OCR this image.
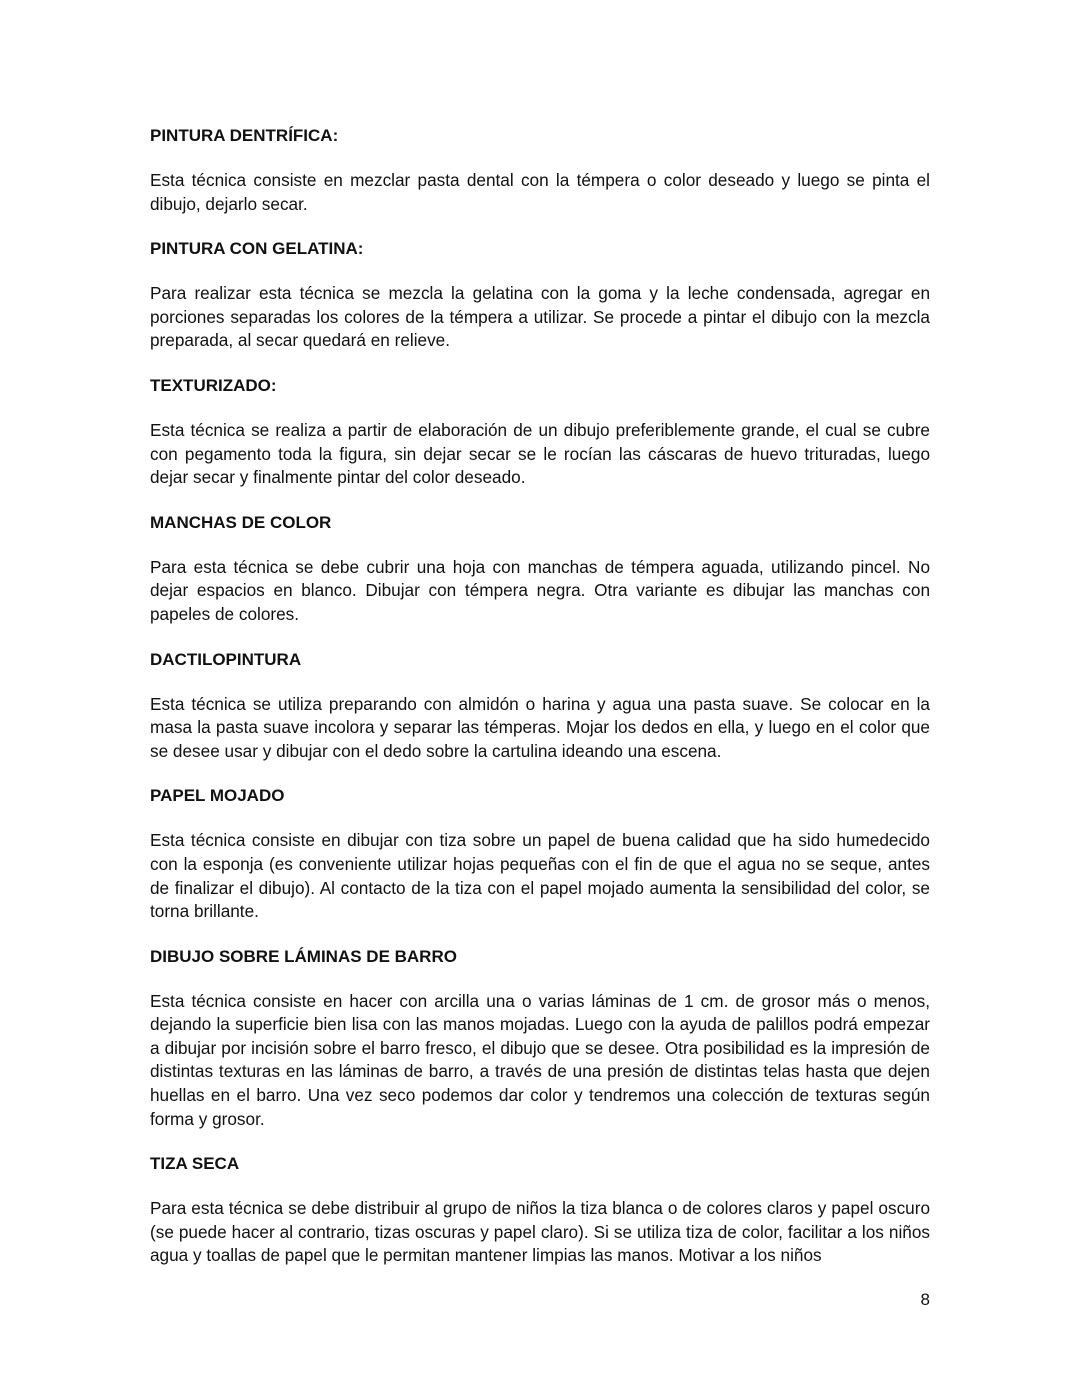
PINTURA DENTRÍFICA:
Esta técnica consiste en mezclar pasta dental con la témpera o color deseado y luego se pinta el dibujo, dejarlo secar.
PINTURA CON GELATINA:
Para realizar esta técnica se mezcla la gelatina con la goma y la leche condensada, agregar en porciones separadas los colores de la témpera a utilizar. Se procede a pintar el dibujo con la mezcla preparada, al secar quedará en relieve.
TEXTURIZADO:
Esta técnica se realiza a partir de elaboración de un dibujo preferiblemente grande, el cual se cubre con pegamento toda la figura, sin dejar secar se le rocían las cáscaras de huevo trituradas, luego dejar secar y finalmente pintar del color deseado.
MANCHAS DE COLOR
Para esta técnica se debe cubrir una hoja con manchas de témpera aguada, utilizando pincel. No dejar espacios en blanco. Dibujar con témpera negra. Otra variante es dibujar las manchas con papeles de colores.
DACTILOPINTURA
Esta técnica se utiliza preparando con almidón o harina y agua una pasta suave. Se colocar en la masa la pasta suave incolora y separar las témperas. Mojar los dedos en ella, y luego en el color que se desee usar y dibujar con el dedo sobre la cartulina ideando una escena.
PAPEL MOJADO
Esta técnica consiste en dibujar con tiza sobre un papel de buena calidad que ha sido humedecido con la esponja (es conveniente utilizar hojas pequeñas con el fin de que el agua no se seque, antes de finalizar el dibujo). Al contacto de la tiza con el papel mojado aumenta la sensibilidad del color, se torna brillante.
DIBUJO SOBRE LÁMINAS DE BARRO
Esta técnica consiste en hacer con arcilla una o varias láminas de 1 cm. de grosor más o menos, dejando la superficie bien lisa con las manos mojadas. Luego con la ayuda de palillos podrá empezar a dibujar por incisión sobre el barro fresco, el dibujo que se desee. Otra posibilidad es la impresión de distintas texturas en las láminas de barro, a través de una presión de distintas telas hasta que dejen huellas en el barro. Una vez seco podemos dar color y tendremos una colección de texturas según forma y grosor.
TIZA SECA
Para esta técnica se debe distribuir al grupo de niños la tiza blanca o de colores claros y papel oscuro (se puede hacer al contrario, tizas oscuras y papel claro). Si se utiliza tiza de color, facilitar a los niños agua y toallas de papel que le permitan mantener limpias las manos. Motivar a los niños
8
